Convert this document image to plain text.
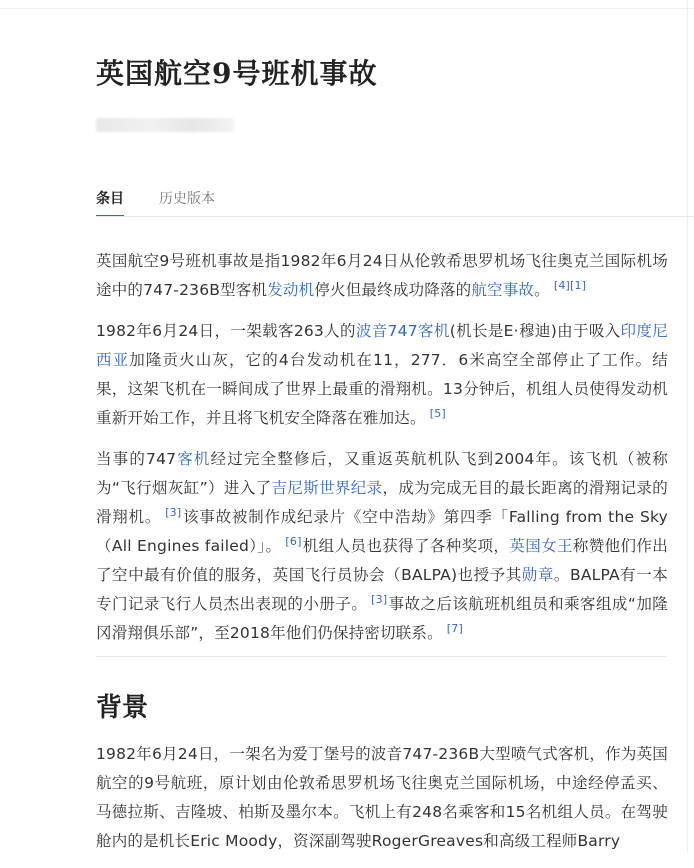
英国航空9号班机事故
条目	历史版本

英国航空9号班机事故是指1982年6月24日从伦敦希思罗机场飞往奥克兰国际机场途中的747-236B型客机发动机停火但最终成功降落的航空事故。 [4][1]

1982年6月24日，一架载客263人的波音747客机(机长是E·穆迪)由于吸入印度尼西亚加隆贡火山灰，它的4台发动机在11，277．6米高空全部停止了工作。结果，这架飞机在一瞬间成了世界上最重的滑翔机。13分钟后，机组人员使得发动机重新开始工作，并且将飞机安全降落在雅加达。 [5]

当事的747客机经过完全整修后，又重返英航机队飞到2004年。该飞机（被称为“飞行烟灰缸”）进入了吉尼斯世界纪录，成为完成无目的最长距离的滑翔记录的滑翔机。 [3]该事故被制作成纪录片《空中浩劫》第四季「Falling from the Sky（All Engines failed）」。 [6]机组人员也获得了各种奖项，英国女王称赞他们作出了空中最有价值的服务，英国飞行员协会（BALPA)也授予其勋章。BALPA有一本专门记录飞行人员杰出表现的小册子。 [3]事故之后该航班机组员和乘客组成“加隆冈滑翔俱乐部”，至2018年他们仍保持密切联系。 [7]

背景

1982年6月24日，一架名为爱丁堡号的波音747-236B大型喷气式客机，作为英国航空的9号航班，原计划由伦敦希思罗机场飞往奥克兰国际机场，中途经停孟买、马德拉斯、吉隆坡、柏斯及墨尔本。飞机上有248名乘客和15名机组人员。在驾驶舱内的是机长Eric Moody，资深副驾驶RogerGreaves和高级工程师Barry
